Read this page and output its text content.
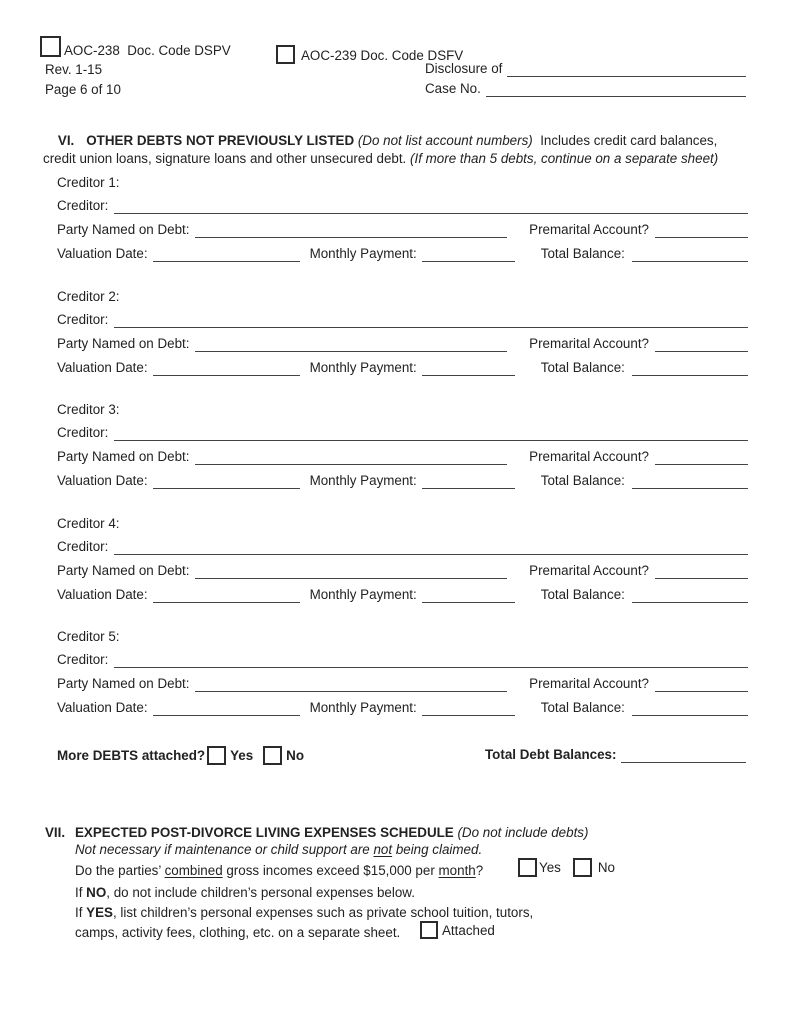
AOC-238  Doc. Code DSPV
Rev. 1-15
Page 6 of 10
AOC-239 Doc. Code DSFV
Disclosure of
Case No.

VI. OTHER DEBTS NOT PREVIOUSLY LISTED (Do not list account numbers)  Includes credit card balances, credit union loans, signature loans and other unsecured debt. (If more than 5 debts, continue on a separate sheet)

Creditor 1:
Creditor:
Party Named on Debt:	Premarital Account?
Valuation Date:	Monthly Payment:	Total Balance:
Creditor 2:
Creditor:
Party Named on Debt:	Premarital Account?
Valuation Date:	Monthly Payment:	Total Balance:
Creditor 3:
Creditor:
Party Named on Debt:	Premarital Account?
Valuation Date:	Monthly Payment:	Total Balance:
Creditor 4:
Creditor:
Party Named on Debt:	Premarital Account?
Valuation Date:	Monthly Payment:	Total Balance:
Creditor 5:
Creditor:
Party Named on Debt:	Premarital Account?
Valuation Date:	Monthly Payment:	Total Balance:
More DEBTS attached? Yes No	Total Debt Balances:
VII. EXPECTED POST-DIVORCE LIVING EXPENSES SCHEDULE (Do not include debts)
Not necessary if maintenance or child support are not being claimed.
Do the parties’ combined gross incomes exceed $15,000 per month?	Yes	No
If NO, do not include children’s personal expenses below.
If YES, list children’s personal expenses such as private school tuition, tutors,
camps, activity fees, clothing, etc. on a separate sheet.	Attached
